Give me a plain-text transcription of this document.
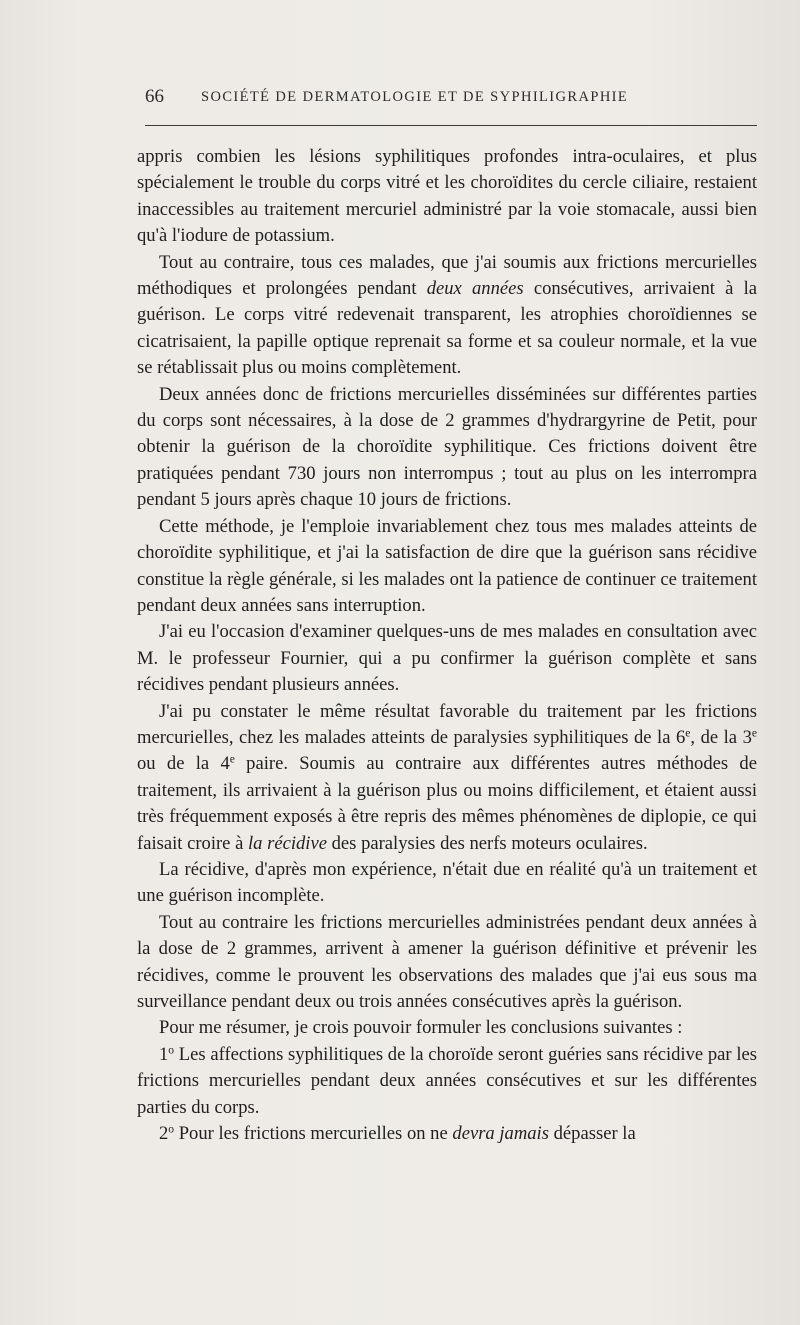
66	SOCIÉTÉ DE DERMATOLOGIE ET DE SYPHILIGRAPHIE

appris combien les lésions syphilitiques profondes intra-oculaires, et plus spécialement le trouble du corps vitré et les choroïdites du cercle ciliaire, restaient inaccessibles au traitement mercuriel administré par la voie stomacale, aussi bien qu'à l'iodure de potassium.

Tout au contraire, tous ces malades, que j'ai soumis aux frictions mercurielles méthodiques et prolongées pendant deux années consécutives, arrivaient à la guérison. Le corps vitré redevenait transparent, les atrophies choroïdiennes se cicatrisaient, la papille optique reprenait sa forme et sa couleur normale, et la vue se rétablissait plus ou moins complètement.

Deux années donc de frictions mercurielles disséminées sur différentes parties du corps sont nécessaires, à la dose de 2 grammes d'hydrargyrine de Petit, pour obtenir la guérison de la choroïdite syphilitique. Ces frictions doivent être pratiquées pendant 730 jours non interrompus ; tout au plus on les interrompra pendant 5 jours après chaque 10 jours de frictions.

Cette méthode, je l'emploie invariablement chez tous mes malades atteints de choroïdite syphilitique, et j'ai la satisfaction de dire que la guérison sans récidive constitue la règle générale, si les malades ont la patience de continuer ce traitement pendant deux années sans interruption.

J'ai eu l'occasion d'examiner quelques-uns de mes malades en consultation avec M. le professeur Fournier, qui a pu confirmer la guérison complète et sans récidives pendant plusieurs années.

J'ai pu constater le même résultat favorable du traitement par les frictions mercurielles, chez les malades atteints de paralysies syphilitiques de la 6e, de la 3e ou de la 4e paire. Soumis au contraire aux différentes autres méthodes de traitement, ils arrivaient à la guérison plus ou moins difficilement, et étaient aussi très fréquemment exposés à être repris des mêmes phénomènes de diplopie, ce qui faisait croire à la récidive des paralysies des nerfs moteurs oculaires.

La récidive, d'après mon expérience, n'était due en réalité qu'à un traitement et une guérison incomplète.

Tout au contraire les frictions mercurielles administrées pendant deux années à la dose de 2 grammes, arrivent à amener la guérison définitive et prévenir les récidives, comme le prouvent les observations des malades que j'ai eus sous ma surveillance pendant deux ou trois années consécutives après la guérison.

Pour me résumer, je crois pouvoir formuler les conclusions suivantes :

1$^o$ Les affections syphilitiques de la choroïde seront guéries sans récidive par les frictions mercurielles pendant deux années consécutives et sur les différentes parties du corps.

2$^o$ Pour les frictions mercurielles on ne devra jamais dépasser la
